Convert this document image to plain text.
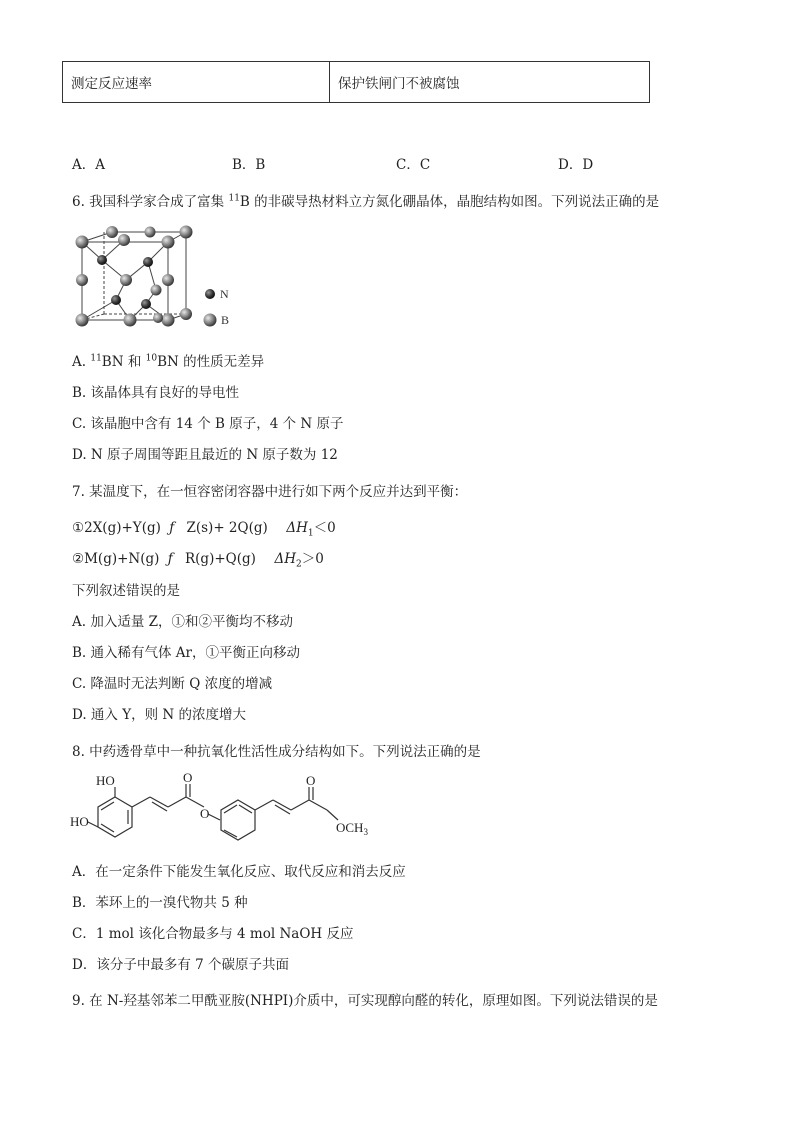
测定反应速率	保护铁闸门不被腐蚀
A．A	B．B	C．C	D．D
6. 我国科学家合成了富集 $^{11}$B 的非碳导热材料立方氮化硼晶体，晶胞结构如图。下列说法正确的是
N
B
A. $^{11}$BN 和 $^{10}$BN 的性质无差异
B. 该晶体具有良好的导电性
C. 该晶胞中含有 14 个 B 原子，4 个 N 原子
D. N 原子周围等距且最近的 N 原子数为 12
7. 某温度下，在一恒容密闭容器中进行如下两个反应并达到平衡：
①2X(g)+Y(g) ƒ Z(s)+ 2Q(g) $\Delta H_1<0$
②M(g)+N(g) ƒ R(g)+Q(g) $\Delta H_2>0$
下列叙述错误的是
A. 加入适量 Z，①和②平衡均不移动
B. 通入稀有气体 Ar，①平衡正向移动
C. 降温时无法判断 Q 浓度的增减
D. 通入 Y，则 N 的浓度增大
8. 中药透骨草中一种抗氧化性活性成分结构如下。下列说法正确的是
HO
HO
O
O
O
$OCH_3$
A．在一定条件下能发生氧化反应、取代反应和消去反应
B．苯环上的一溴代物共 5 种
C．1 mol 该化合物最多与 4 mol NaOH 反应
D．该分子中最多有 7 个碳原子共面
9. 在 N-羟基邻苯二甲酰亚胺(NHPI)介质中，可实现醇向醛的转化，原理如图。下列说法错误的是
